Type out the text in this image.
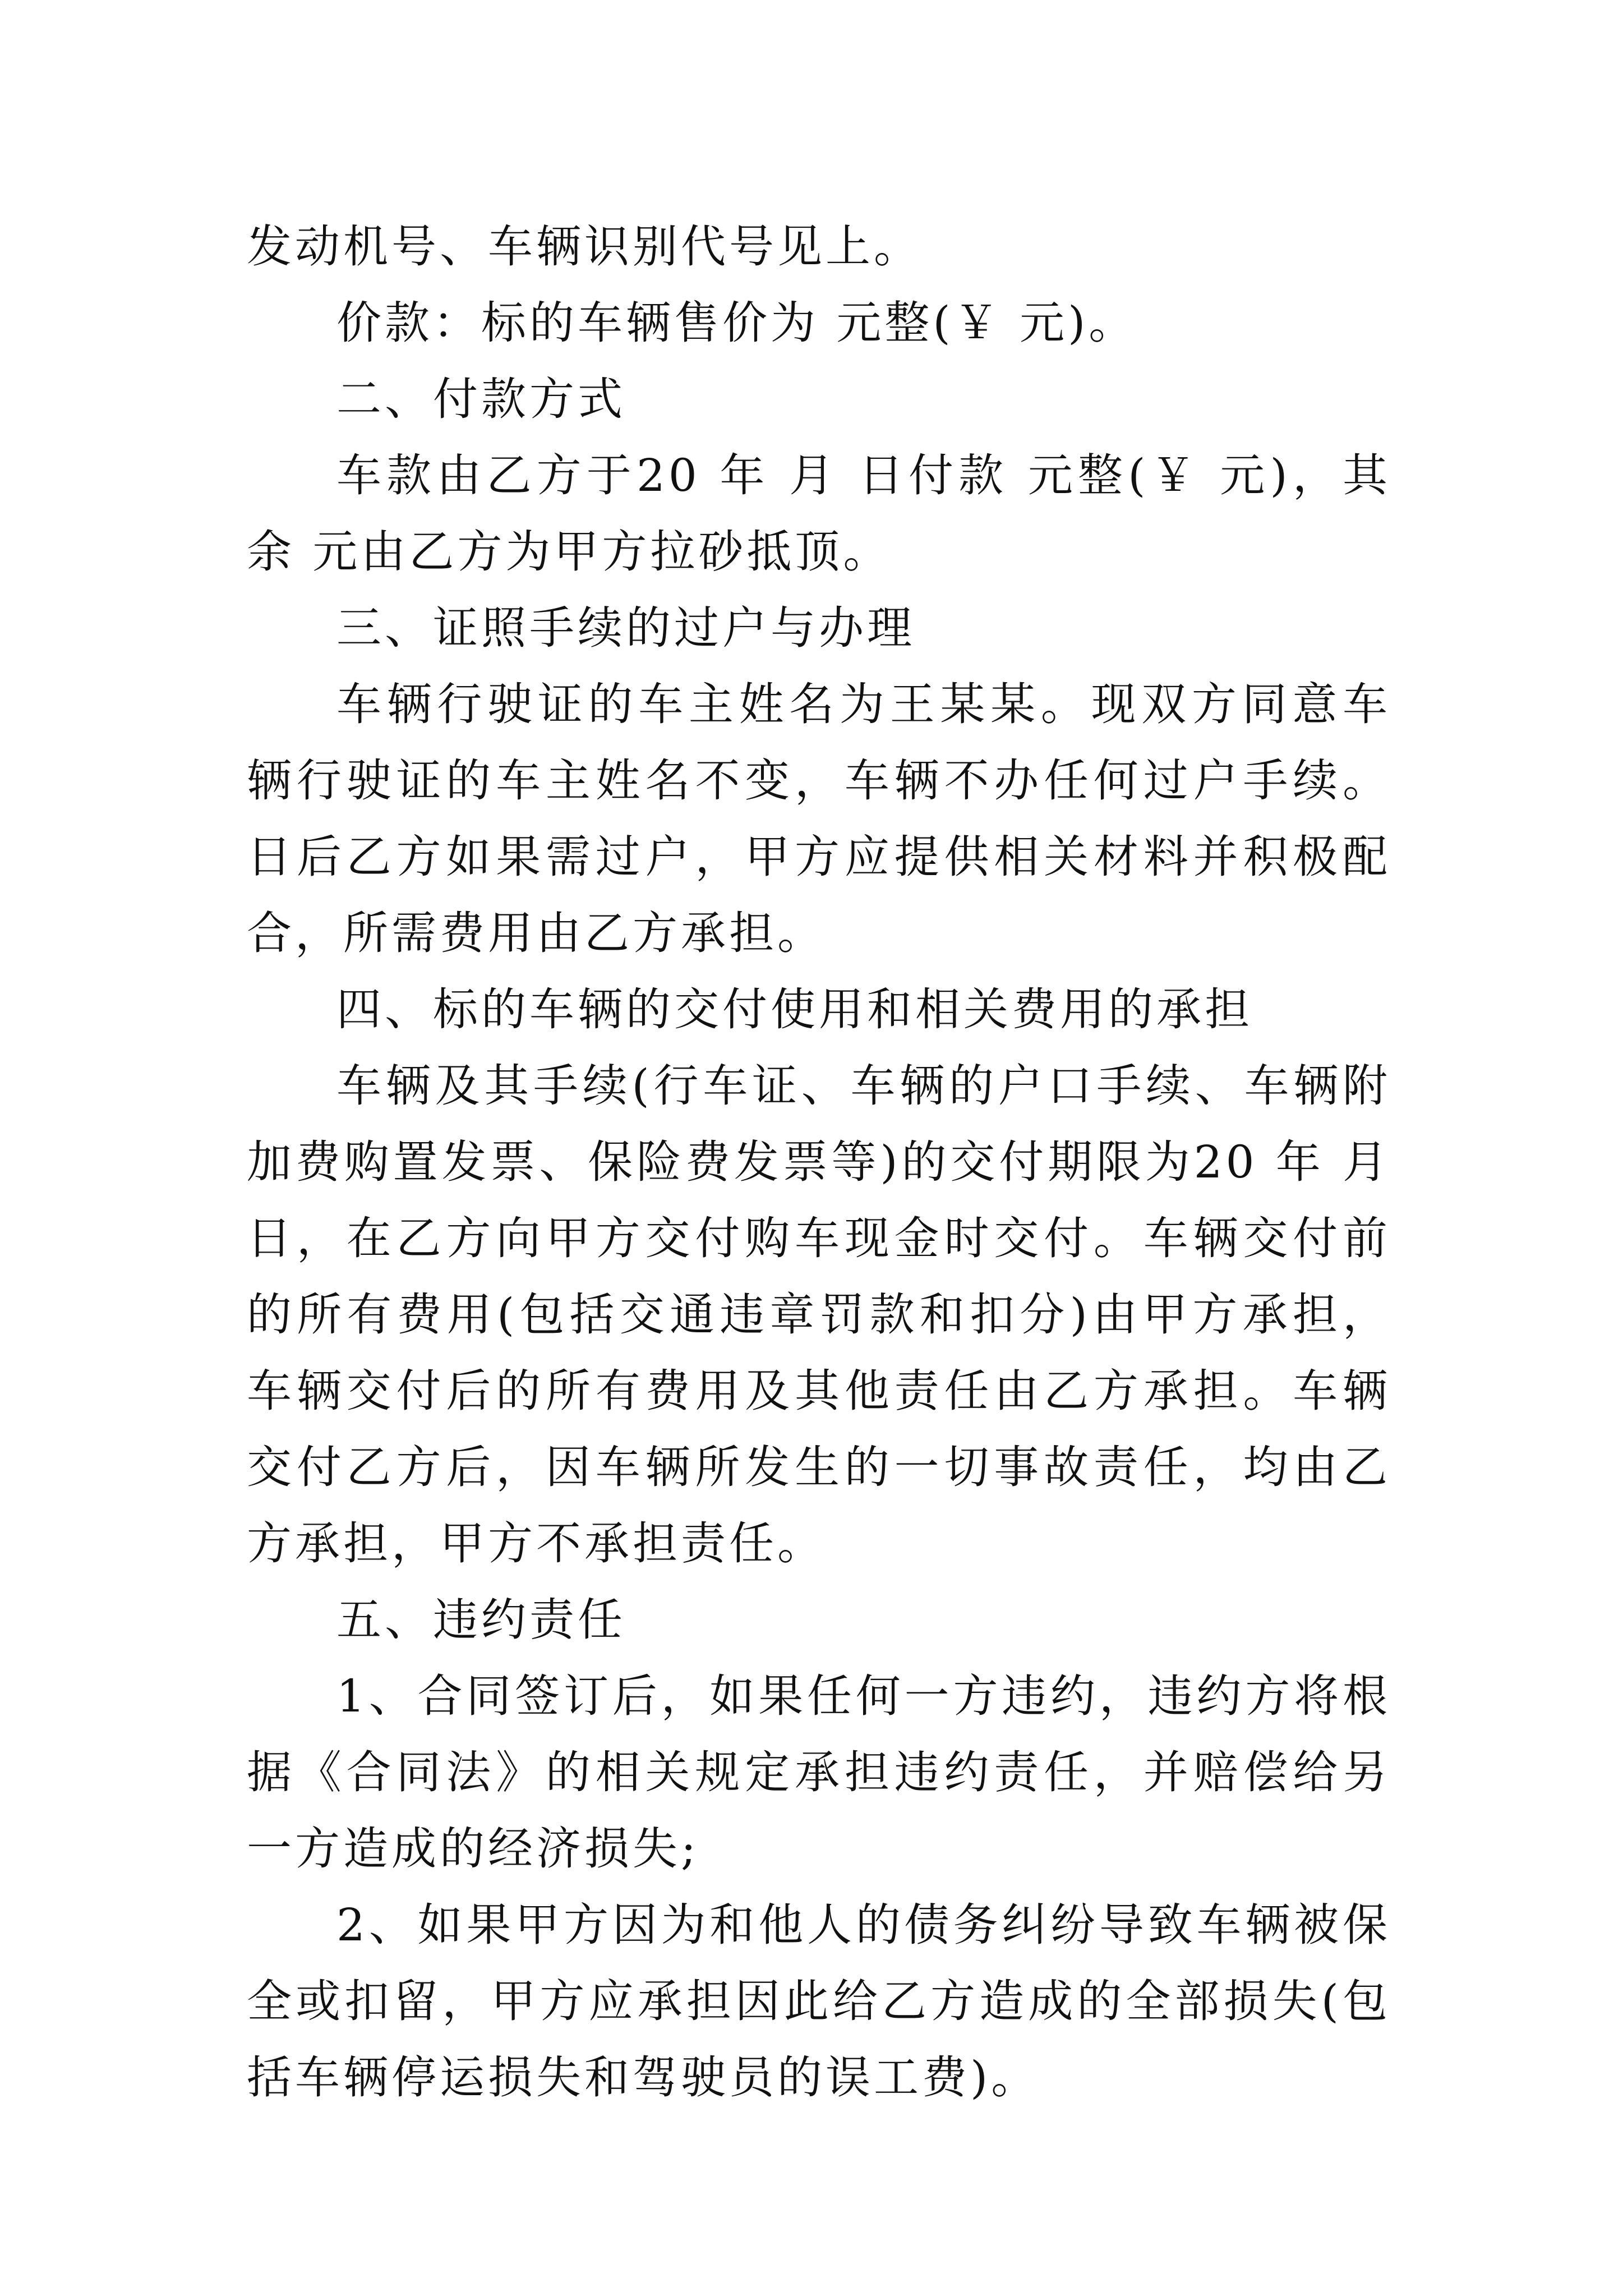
发动机号、车辆识别代号见上。

价款：标的车辆售价为 元整(￥ 元)。

二、付款方式

车款由乙方于20 年 月 日付款 元整(￥ 元)，其余 元由乙方为甲方拉砂抵顶。

三、证照手续的过户与办理

车辆行驶证的车主姓名为王某某。现双方同意车辆行驶证的车主姓名不变，车辆不办任何过户手续。日后乙方如果需过户，甲方应提供相关材料并积极配合，所需费用由乙方承担。

四、标的车辆的交付使用和相关费用的承担

车辆及其手续(行车证、车辆的户口手续、车辆附加费购置发票、保险费发票等)的交付期限为20 年 月日，在乙方向甲方交付购车现金时交付。车辆交付前的所有费用(包括交通违章罚款和扣分)由甲方承担，车辆交付后的所有费用及其他责任由乙方承担。车辆交付乙方后，因车辆所发生的一切事故责任，均由乙方承担，甲方不承担责任。

五、违约责任

1、合同签订后，如果任何一方违约，违约方将根据《合同法》的相关规定承担违约责任，并赔偿给另一方造成的经济损失;

2、如果甲方因为和他人的债务纠纷导致车辆被保全或扣留，甲方应承担因此给乙方造成的全部损失(包括车辆停运损失和驾驶员的误工费)。
